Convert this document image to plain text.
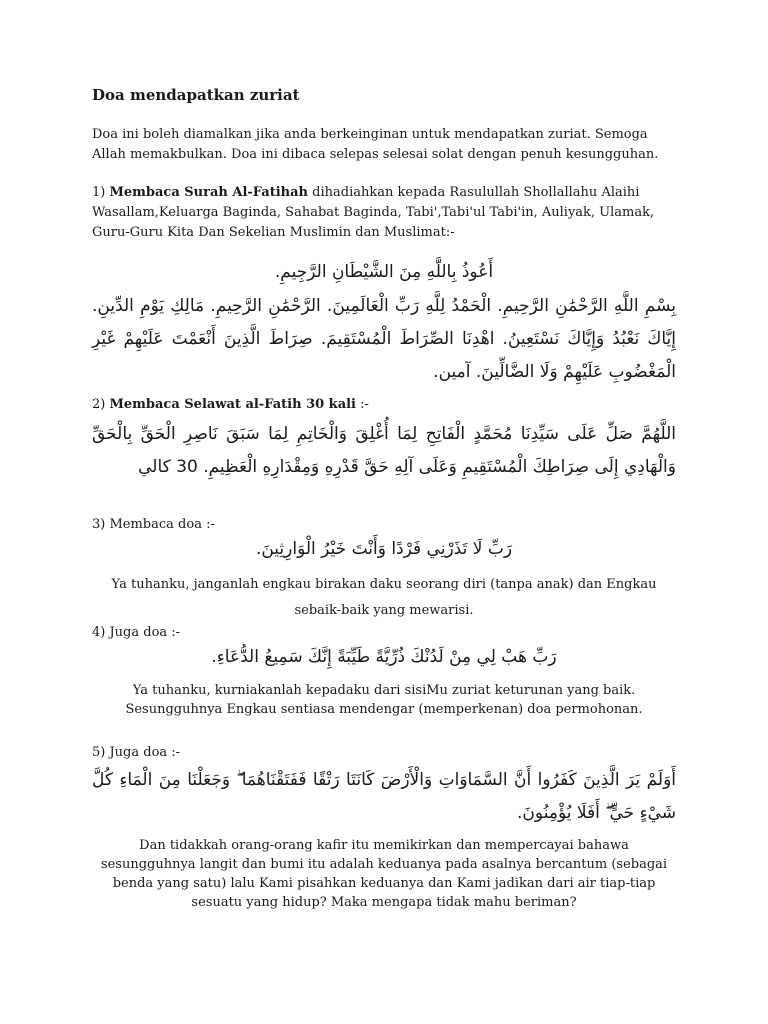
Doa mendapatkan zuriat

Doa ini boleh diamalkan jika anda berkeinginan untuk mendapatkan zuriat. Semoga Allah memakbulkan. Doa ini dibaca selepas selesai solat dengan penuh kesungguhan.

1) Membaca Surah Al-Fatihah dihadiahkan kepada Rasulullah Shollallahu Alaihi Wasallam,Keluarga Baginda, Sahabat Baginda, Tabi',Tabi'ul Tabi'in, Auliyak, Ulamak, Guru-Guru Kita Dan Sekelian Muslimin dan Muslimat:-

أَعُوذُ بِاللَّهِ مِنَ الشَّيْطَانِ الرَّجِيمِ.

بِسْمِ اللَّهِ الرَّحْمَٰنِ الرَّحِيمِ. الْحَمْدُ لِلَّهِ رَبِّ الْعَالَمِينَ. الرَّحْمَٰنِ الرَّحِيمِ. مَالِكِ يَوْمِ الدِّينِ. إِيَّاكَ نَعْبُدُ وَإِيَّاكَ نَسْتَعِينُ. اهْدِنَا الصِّرَاطَ الْمُسْتَقِيمَ. صِرَاطَ الَّذِينَ أَنْعَمْتَ عَلَيْهِمْ غَيْرِ الْمَغْضُوبِ عَلَيْهِمْ وَلَا الضَّالِّينَ. آمين.

2) Membaca Selawat al-Fatih 30 kali :-

اللَّهُمَّ صَلِّ عَلَى سَيِّدِنَا مُحَمَّدٍ الْفَاتِحِ لِمَا أُغْلِقَ وَالْخَاتِمِ لِمَا سَبَقَ نَاصِرِ الْحَقِّ بِالْحَقِّ وَالْهَادِي إِلَى صِرَاطِكَ الْمُسْتَقِيمِ وَعَلَى آلِهِ حَقَّ قَدْرِهِ وَمِقْدَارِهِ الْعَظِيمِ. 30 كالي

3) Membaca doa :-

رَبِّ لَا تَذَرْنِي فَرْدًا وَأَنْتَ خَيْرُ الْوَارِثِينَ.

Ya tuhanku, janganlah engkau birakan daku seorang diri (tanpa anak) dan Engkau sebaik-baik yang mewarisi.

4) Juga doa :-

رَبِّ هَبْ لِي مِنْ لَدُنْكَ ذُرِّيَّةً طَيِّبَةً إِنَّكَ سَمِيعُ الدُّعَاءِ.

Ya tuhanku, kurniakanlah kepadaku dari sisiMu zuriat keturunan yang baik. Sesungguhnya Engkau sentiasa mendengar (memperkenan) doa permohonan.

5) Juga doa :-

أَوَلَمْ يَرَ الَّذِينَ كَفَرُوا أَنَّ السَّمَاوَاتِ وَالْأَرْضَ كَانَتَا رَتْقًا فَفَتَقْنَاهُمَا ۖ وَجَعَلْنَا مِنَ الْمَاءِ كُلَّ شَيْءٍ حَيٍّ ۖ أَفَلَا يُؤْمِنُونَ.

Dan tidakkah orang-orang kafir itu memikirkan dan mempercayai bahawa sesungguhnya langit dan bumi itu adalah keduanya pada asalnya bercantum (sebagai benda yang satu) lalu Kami pisahkan keduanya dan Kami jadikan dari air tiap-tiap sesuatu yang hidup? Maka mengapa tidak mahu beriman?
